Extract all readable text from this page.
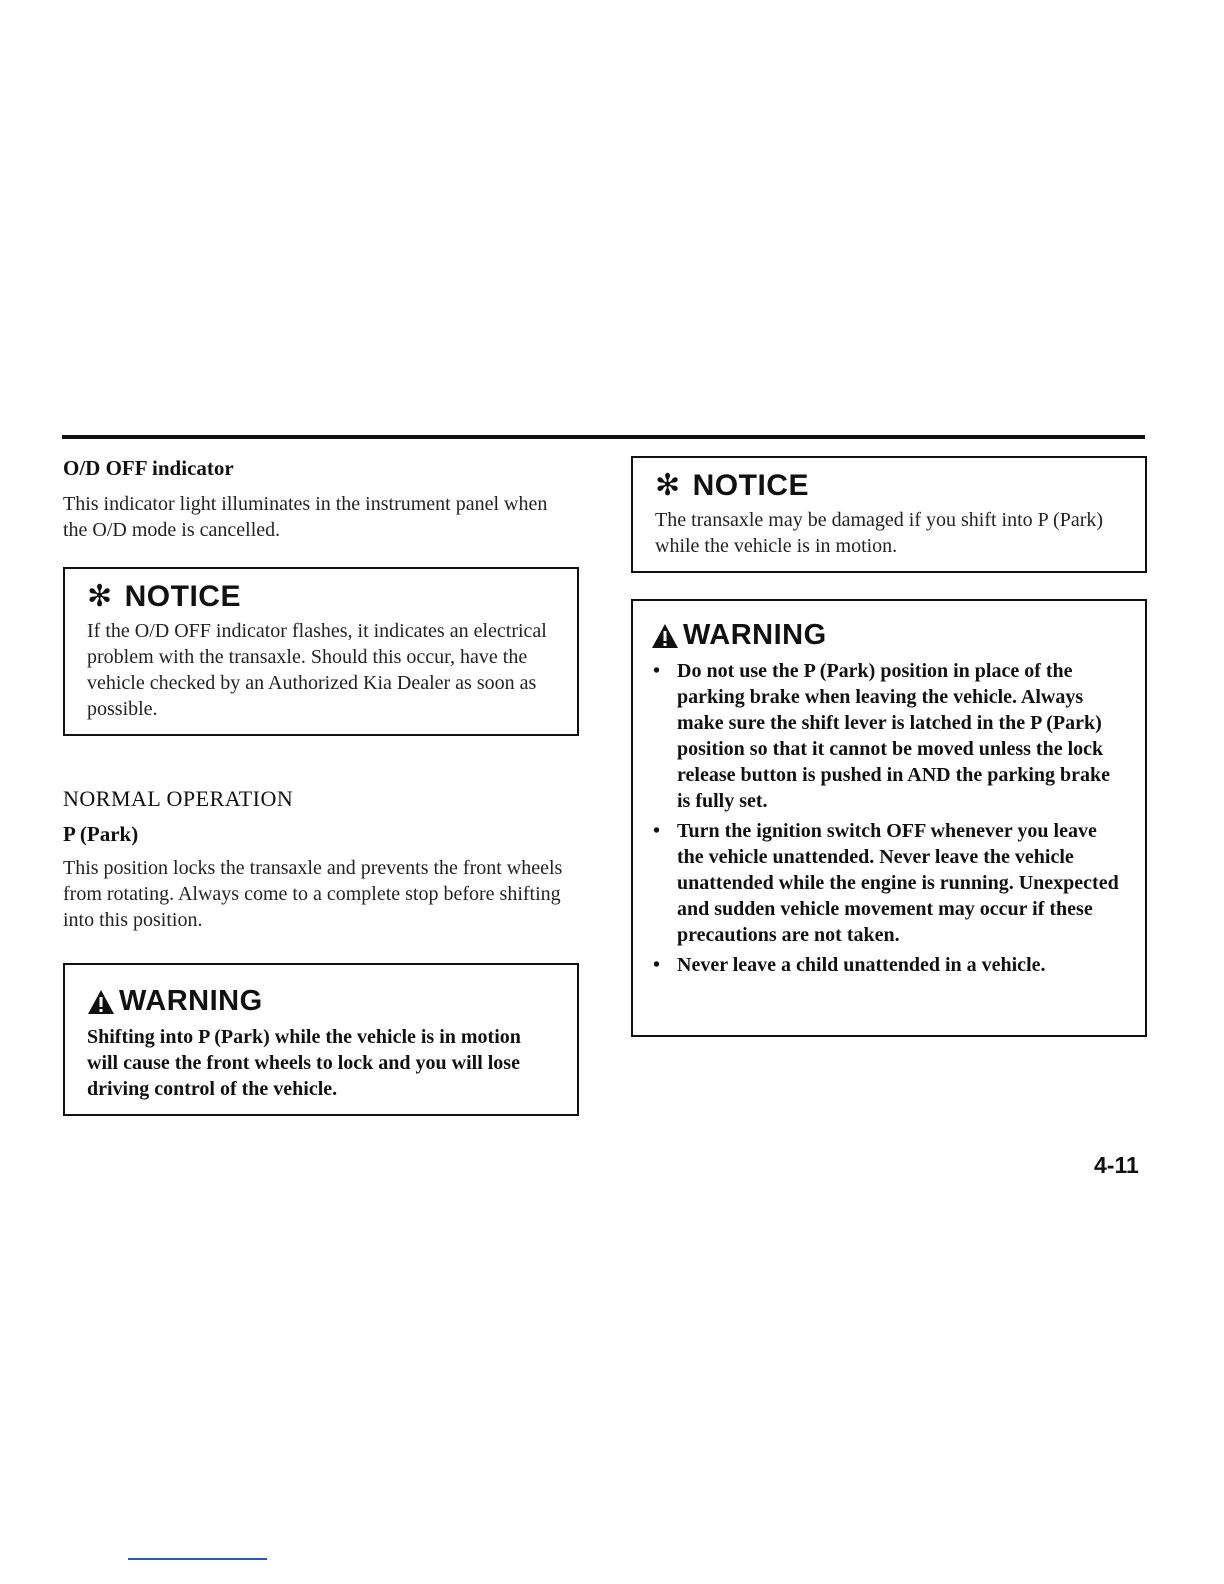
O/D OFF indicator

This indicator light illuminates in the instrument panel when the O/D mode is cancelled.

✻ NOTICE

If the O/D OFF indicator flashes, it indicates an electrical problem with the transaxle. Should this occur, have the vehicle checked by an Authorized Kia Dealer as soon as possible.

NORMAL OPERATION

P (Park)

This position locks the transaxle and prevents the front wheels from rotating. Always come to a complete stop before shifting into this position.

WARNING

Shifting into P (Park) while the vehicle is in motion will cause the front wheels to lock and you will lose driving control of the vehicle.

✻ NOTICE

The transaxle may be damaged if you shift into P (Park) while the vehicle is in motion.

WARNING
• Do not use the P (Park) position in place of the parking brake when leaving the vehicle. Always make sure the shift lever is latched in the P (Park) position so that it cannot be moved unless the lock release button is pushed in AND the parking brake is fully set.
• Turn the ignition switch OFF whenever you leave the vehicle unattended. Never leave the vehicle unattended while the engine is running. Unexpected and sudden vehicle movement may occur if these precautions are not taken.
• Never leave a child unattended in a vehicle.
4-11
